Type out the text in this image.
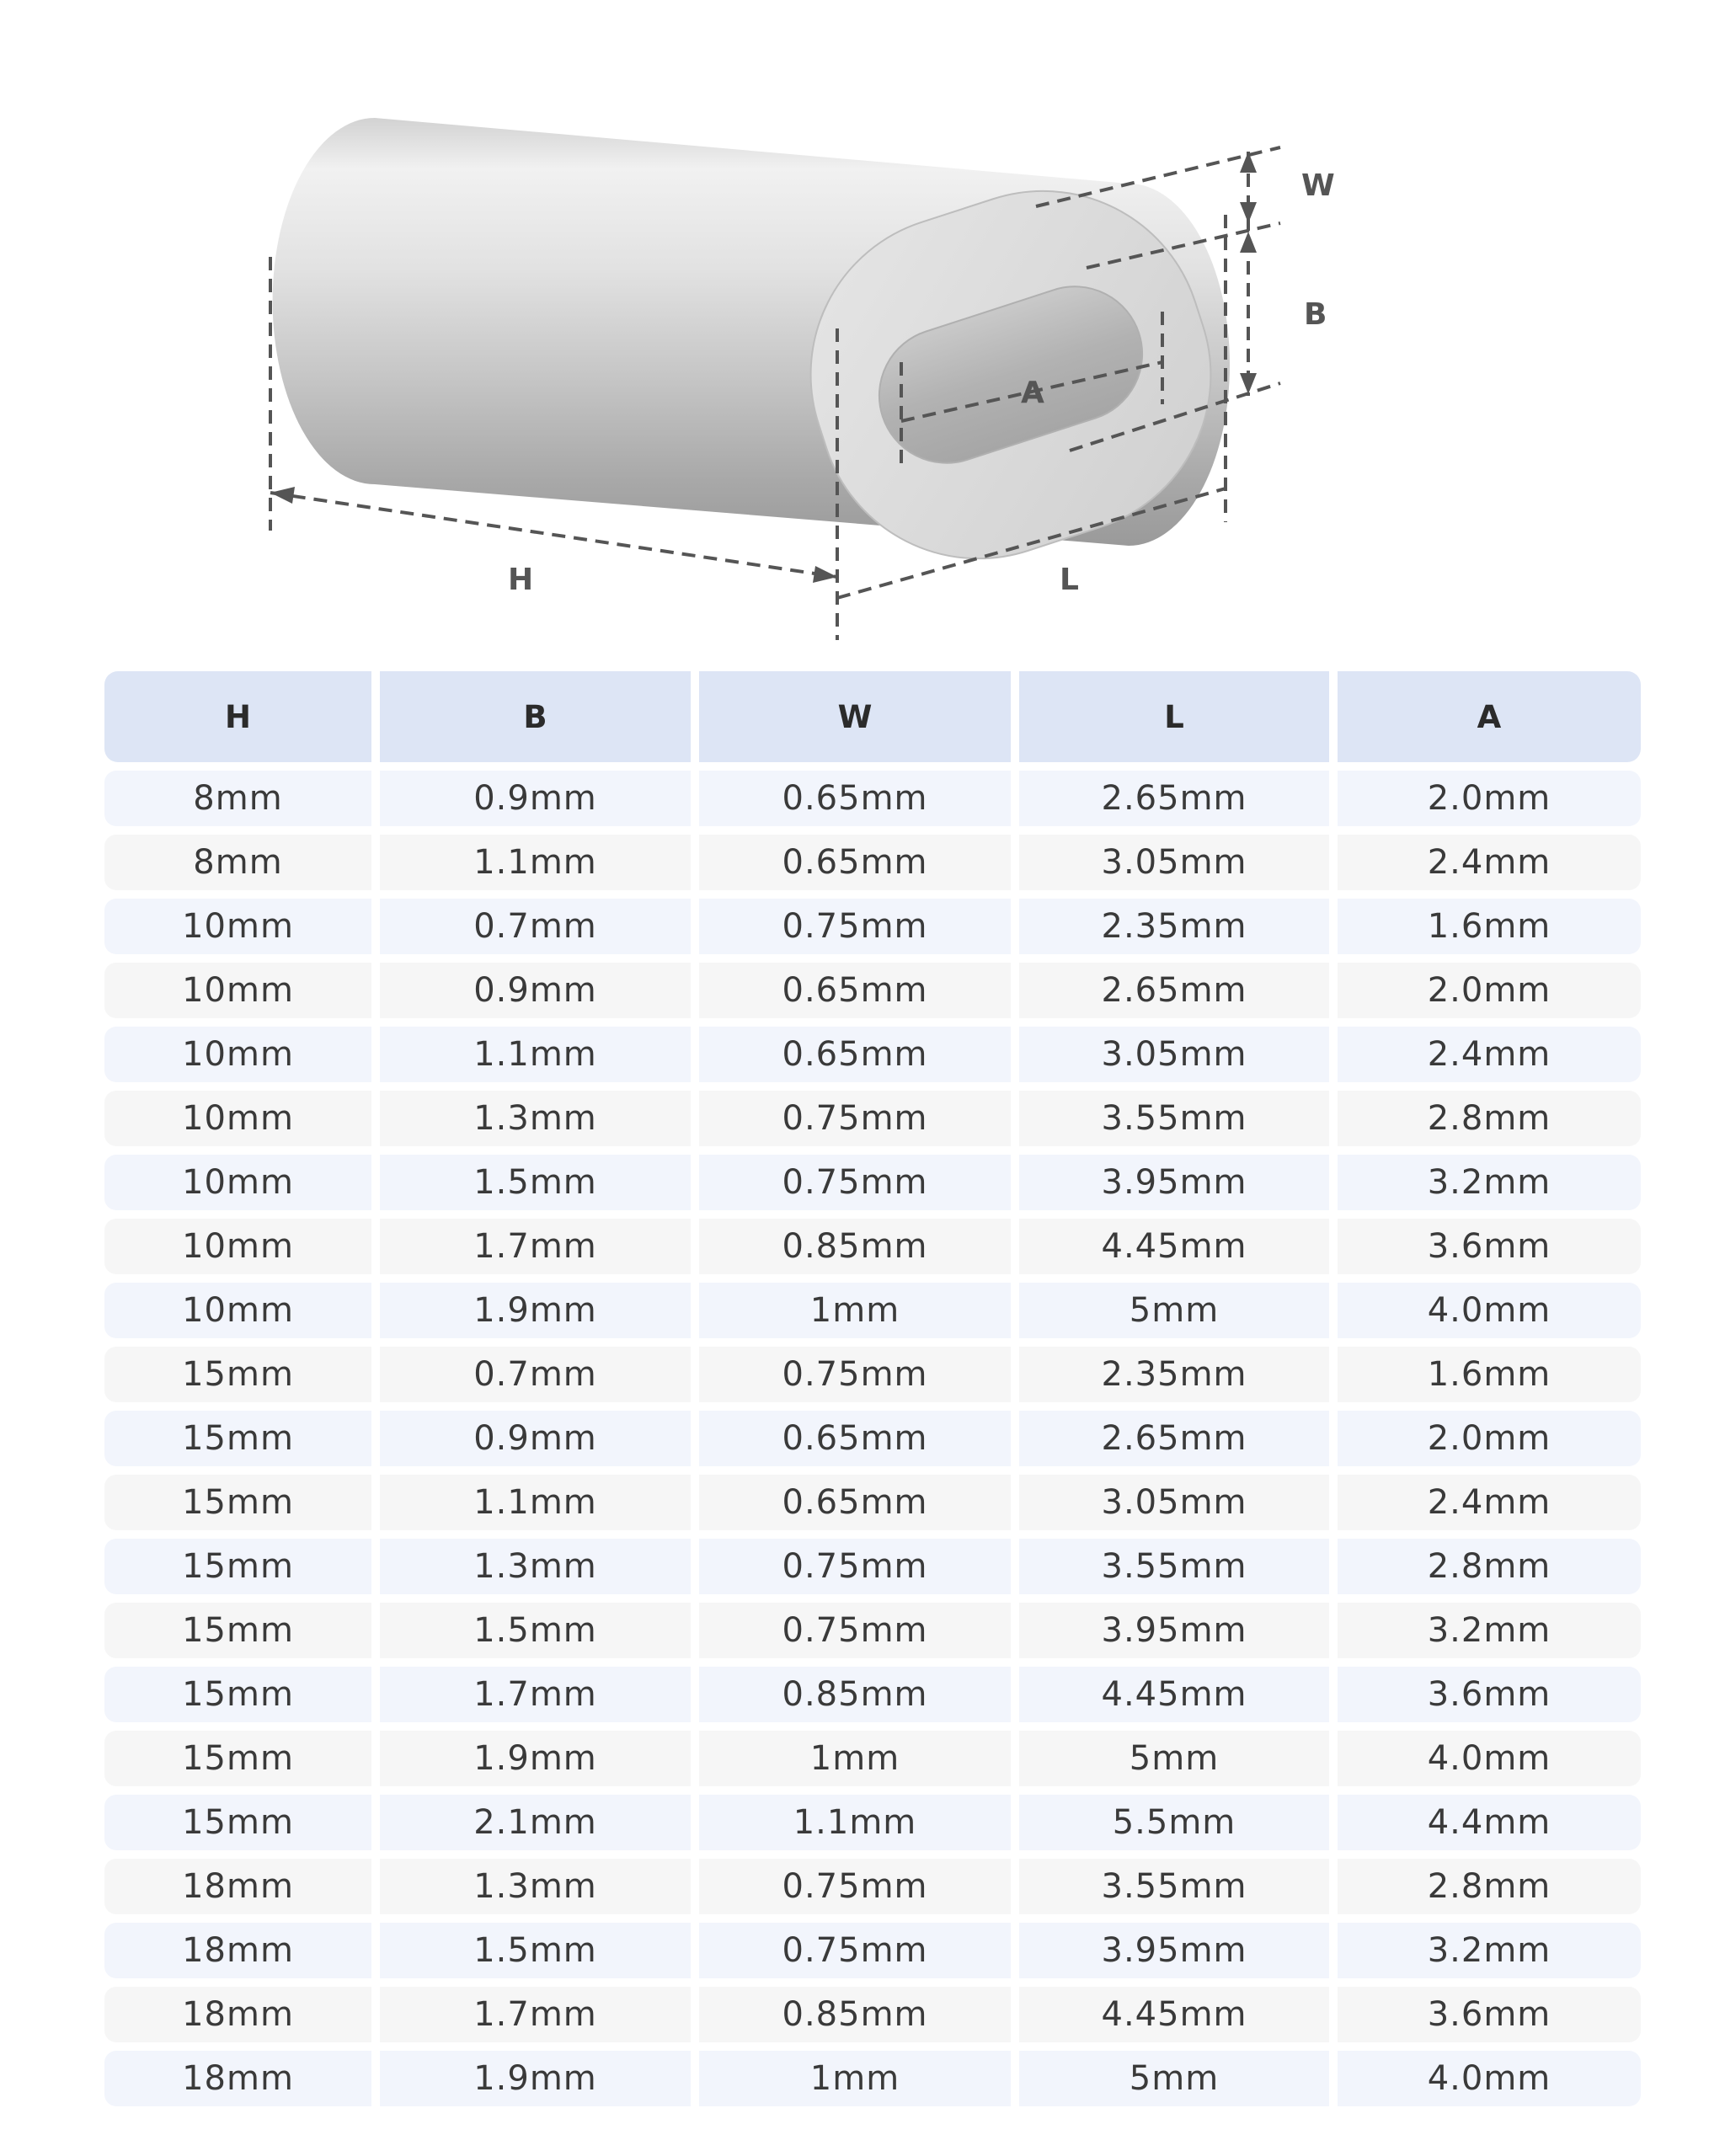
W
B
A
H	L
H	B	W	L	A
8mm	0.9mm	0.65mm	2.65mm	2.0mm
8mm	1.1mm	0.65mm	3.05mm	2.4mm
10mm	0.7mm	0.75mm	2.35mm	1.6mm
10mm	0.9mm	0.65mm	2.65mm	2.0mm
10mm	1.1mm	0.65mm	3.05mm	2.4mm
10mm	1.3mm	0.75mm	3.55mm	2.8mm
10mm	1.5mm	0.75mm	3.95mm	3.2mm
10mm	1.7mm	0.85mm	4.45mm	3.6mm
10mm	1.9mm	1mm	5mm	4.0mm
15mm	0.7mm	0.75mm	2.35mm	1.6mm
15mm	0.9mm	0.65mm	2.65mm	2.0mm
15mm	1.1mm	0.65mm	3.05mm	2.4mm
15mm	1.3mm	0.75mm	3.55mm	2.8mm
15mm	1.5mm	0.75mm	3.95mm	3.2mm
15mm	1.7mm	0.85mm	4.45mm	3.6mm
15mm	1.9mm	1mm	5mm	4.0mm
15mm	2.1mm	1.1mm	5.5mm	4.4mm
18mm	1.3mm	0.75mm	3.55mm	2.8mm
18mm	1.5mm	0.75mm	3.95mm	3.2mm
18mm	1.7mm	0.85mm	4.45mm	3.6mm
18mm	1.9mm	1mm	5mm	4.0mm
